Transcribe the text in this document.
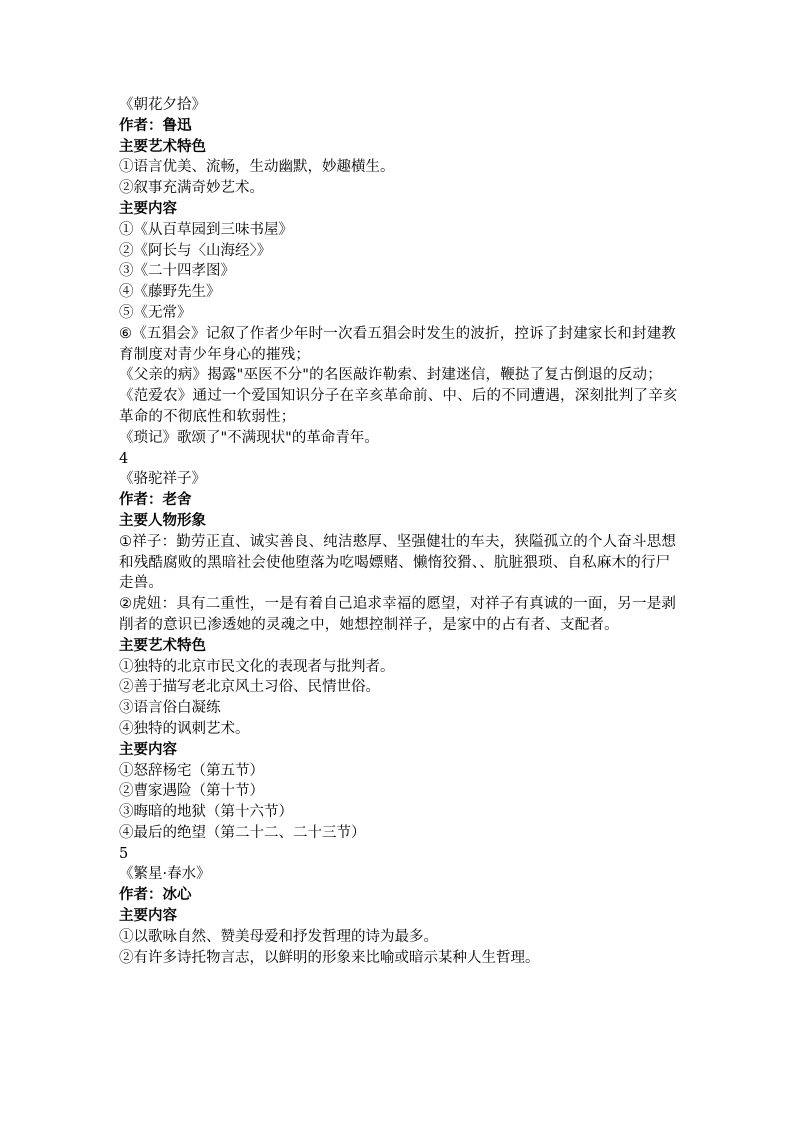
《朝花夕拾》
作者：鲁迅
主要艺术特色
①语言优美、流畅，生动幽默，妙趣横生。
②叙事充满奇妙艺术。
主要内容
①《从百草园到三味书屋》
②《阿长与〈山海经〉》
③《二十四孝图》
④《藤野先生》
⑤《无常》
⑥《五猖会》记叙了作者少年时一次看五猖会时发生的波折，控诉了封建家长和封建教育制度对青少年身心的摧残；
《父亲的病》揭露"巫医不分"的名医敲诈勒索、封建迷信，鞭挞了复古倒退的反动；
《范爱农》通过一个爱国知识分子在辛亥革命前、中、后的不同遭遇，深刻批判了辛亥 革命的不彻底性和软弱性；
《琐记》歌颂了"不满现状"的革命青年。
4
《骆驼祥子》
作者：老舍
主要人物形象
①祥子：勤劳正直、诚实善良、纯洁憨厚、坚强健壮的车夫，狭隘孤立的个人奋斗思想和残酷腐败的黑暗社会使他堕落为吃喝嫖赌、懒惰狡猾、、肮脏猥琐、自私麻木的行尸走兽。
②虎妞：具有二重性，一是有着自己追求幸福的愿望，对祥子有真诚的一面，另一是剥削者的意识已渗透她的灵魂之中，她想控制祥子，是家中的占有者、支配者。
主要艺术特色
①独特的北京市民文化的表现者与批判者。
②善于描写老北京风土习俗、民情世俗。
③语言俗白凝练
④独特的讽刺艺术。
主要内容
①怒辞杨宅（第五节）
②曹家遇险（第十节）
③晦暗的地狱（第十六节）
④最后的绝望（第二十二、二十三节）
5
《繁星·春水》
作者：冰心
主要内容
①以歌咏自然、赞美母爱和抒发哲理的诗为最多。
②有许多诗托物言志，以鲜明的形象来比喻或暗示某种人生哲理。
